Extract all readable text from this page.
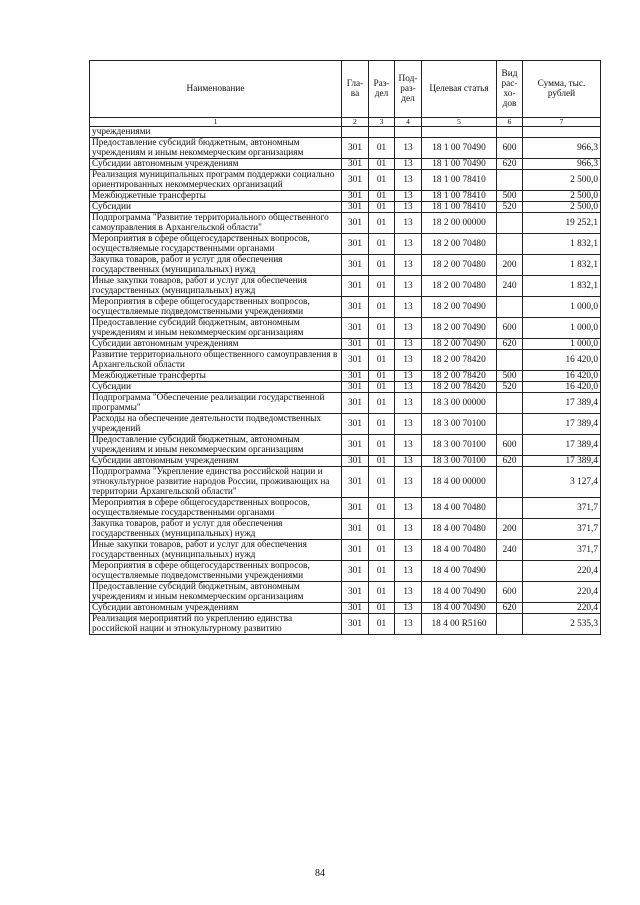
Наименование	Гла-ва	Раз-дел	Под-раз-дел	Целевая статья	Вид рас-хо-дов	Сумма, тыс. рублей
1	2	3	4	5	6	7
учреждениями						
Предоставление субсидий бюджетным, автономным учреждениям и иным некоммерческим организациям	301	01	13	18 1 00 70490	600	966,3
Субсидии автономным учреждениям	301	01	13	18 1 00 70490	620	966,3
Реализация муниципальных программ поддержки социально ориентированных некоммерческих организаций	301	01	13	18 1 00 78410		2 500,0
Межбюджетные трансферты	301	01	13	18 1 00 78410	500	2 500,0
Субсидии	301	01	13	18 1 00 78410	520	2 500,0
Подпрограмма "Развитие территориального общественного самоуправления в Архангельской области"	301	01	13	18 2 00 00000		19 252,1
Мероприятия в сфере общегосударственных вопросов, осуществляемые государственными органами	301	01	13	18 2 00 70480		1 832,1
Закупка товаров, работ и услуг для обеспечения государственных (муниципальных) нужд	301	01	13	18 2 00 70480	200	1 832,1
Иные закупки товаров, работ и услуг для обеспечения государственных (муниципальных) нужд	301	01	13	18 2 00 70480	240	1 832,1
Мероприятия в сфере общегосударственных вопросов, осуществляемые подведомственными учреждениями	301	01	13	18 2 00 70490		1 000,0
Предоставление субсидий бюджетным, автономным учреждениям и иным некоммерческим организациям	301	01	13	18 2 00 70490	600	1 000,0
Субсидии автономным учреждениям	301	01	13	18 2 00 70490	620	1 000,0
Развитие территориального общественного самоуправления в Архангельской области	301	01	13	18 2 00 78420		16 420,0
Межбюджетные трансферты	301	01	13	18 2 00 78420	500	16 420,0
Субсидии	301	01	13	18 2 00 78420	520	16 420,0
Подпрограмма "Обеспечение реализации государственной программы"	301	01	13	18 3 00 00000		17 389,4
Расходы на обеспечение деятельности подведомственных учреждений	301	01	13	18 3 00 70100		17 389,4
Предоставление субсидий бюджетным, автономным учреждениям и иным некоммерческим организациям	301	01	13	18 3 00 70100	600	17 389,4
Субсидии автономным учреждениям	301	01	13	18 3 00 70100	620	17 389,4
Подпрограмма "Укрепление единства российской нации и этнокультурное развитие народов России, проживающих на территории Архангельской области"	301	01	13	18 4 00 00000		3 127,4
Мероприятия в сфере общегосударственных вопросов, осуществляемые государственными органами	301	01	13	18 4 00 70480		371,7
Закупка товаров, работ и услуг для обеспечения государственных (муниципальных) нужд	301	01	13	18 4 00 70480	200	371,7
Иные закупки товаров, работ и услуг для обеспечения государственных (муниципальных) нужд	301	01	13	18 4 00 70480	240	371,7
Мероприятия в сфере общегосударственных вопросов, осуществляемые подведомственными учреждениями	301	01	13	18 4 00 70490		220,4
Предоставление субсидий бюджетным, автономным учреждениям и иным некоммерческим организациям	301	01	13	18 4 00 70490	600	220,4
Субсидии автономным учреждениям	301	01	13	18 4 00 70490	620	220,4
Реализация мероприятий по укреплению единства российской нации и этнокультурному развитию	301	01	13	18 4 00 R5160		2 535,3
84
